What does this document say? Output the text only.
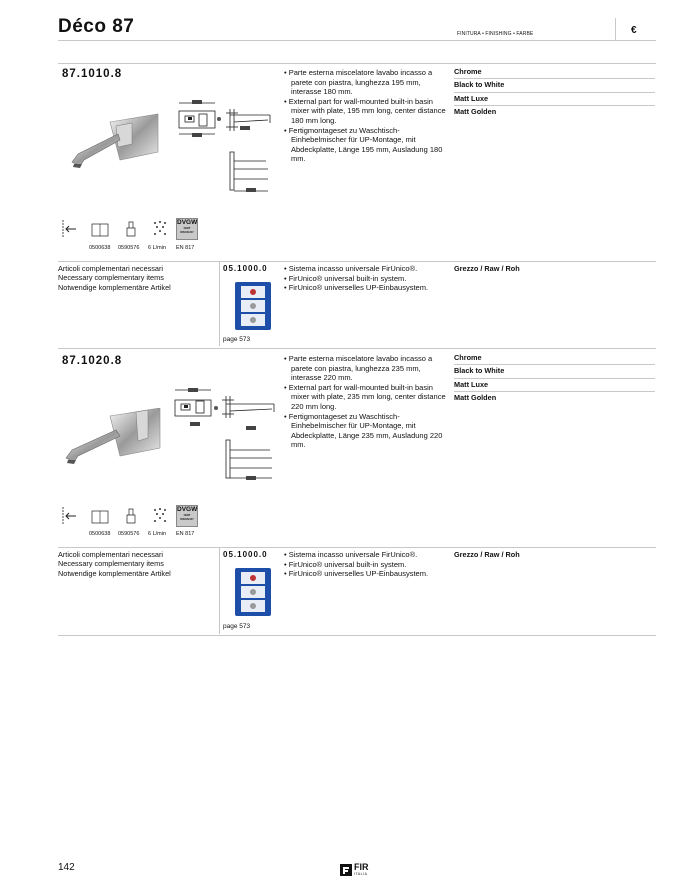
Déco 87	FINITURA • FINISHING • FARBE	€
87.1010.8	• Parte esterna miscelatore lavabo incasso a parete con piastra, lunghezza 195 mm, interasse 180 mm.
• External part for wall-mounted built-in basin mixer with plate, 195 mm long, center distance 180 mm long.
• Fertigmontageset zu Waschtisch-Einhebelmischer für UP-Montage, mit Abdeckplatte, Länge 195 mm, Ausladung 180 mm.
Chrome
Black to White
Matt Luxe
Matt Golden
DVGW
CERT
DIN EN 817
0500638 0590576 6 L/min EN 817
Articoli complementari necessari
Necessary complementary items
Notwendige komplementäre Artikel
05.1000.0
page 573
• Sistema incasso universale FirUnico®.
• FirUnico® universal built-in system.
• FirUnico® universelles UP-Einbausystem.
Grezzo / Raw / Roh
87.1020.8	• Parte esterna miscelatore lavabo incasso a parete con piastra, lunghezza 235 mm, interasse 220 mm.
• External part for wall-mounted built-in basin mixer with plate, 235 mm long, center distance 220 mm long.
• Fertigmontageset zu Waschtisch-Einhebelmischer für UP-Montage, mit Abdeckplatte, Länge 235 mm, Ausladung 220 mm.
Chrome
Black to White
Matt Luxe
Matt Golden
DVGW
CERT
DIN EN 817
0500638 0590576 6 L/min EN 817
Articoli complementari necessari
Necessary complementary items
Notwendige komplementäre Artikel
05.1000.0
page 573
• Sistema incasso universale FirUnico®.
• FirUnico® universal built-in system.
• FirUnico® universelles UP-Einbausystem.
Grezzo / Raw / Roh
142	FIR
ITALIA
